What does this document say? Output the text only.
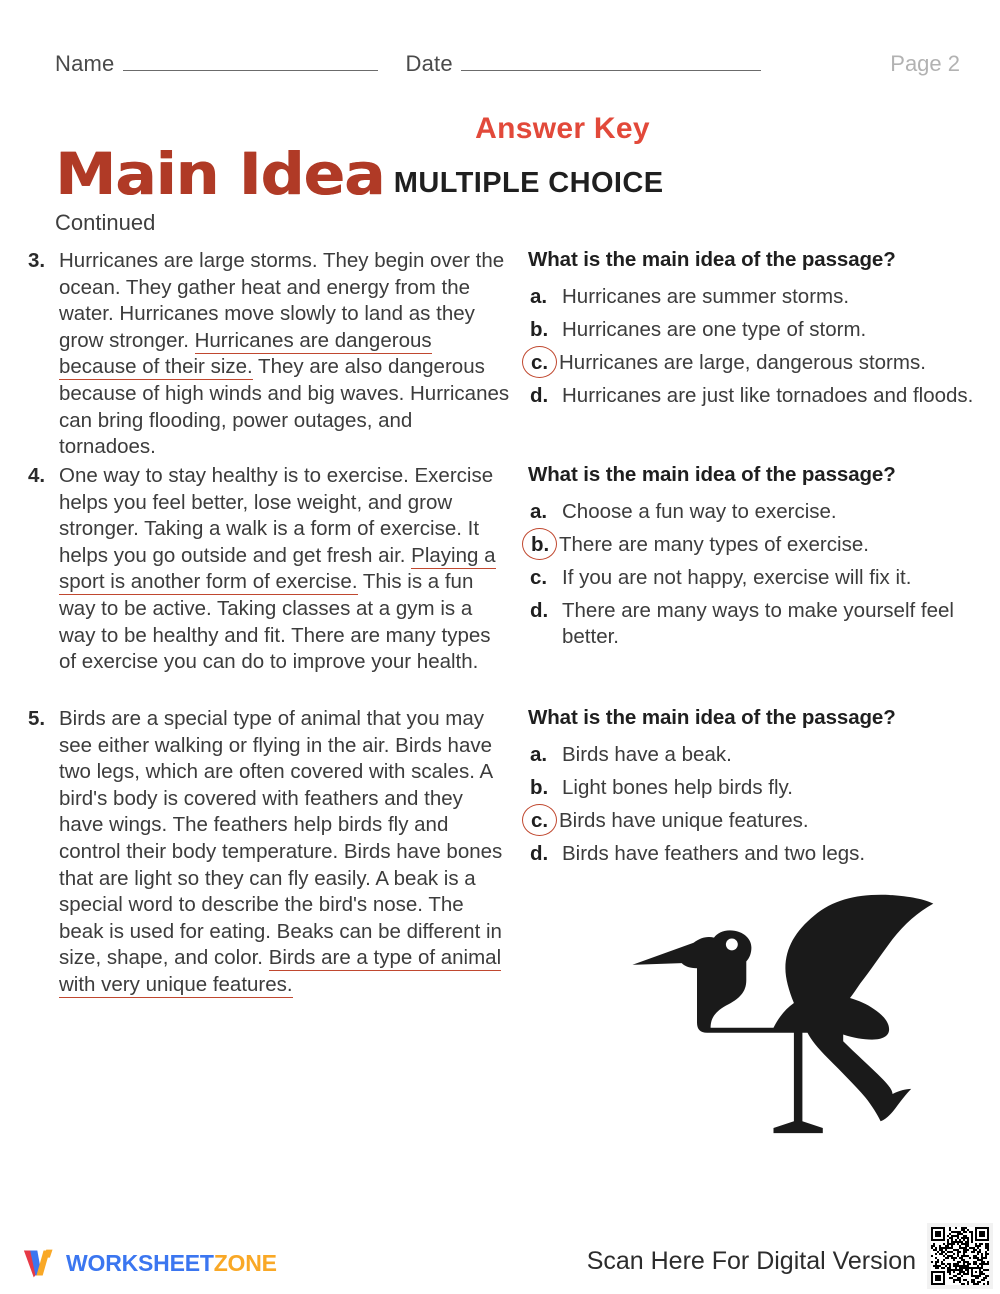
Name	Date	Page 2
Answer Key
Main Idea MULTIPLE CHOICE
Continued
3. Hurricanes are large storms. They begin over the ocean. They gather heat and energy from the water. Hurricanes move slowly to land as they grow stronger. Hurricanes are dangerous because of their size. They are also dangerous because of high winds and big waves. Hurricanes can bring flooding, power outages, and tornadoes.
What is the main idea of the passage?
a. Hurricanes are summer storms.
b. Hurricanes are one type of storm.
c. Hurricanes are large, dangerous storms.
d. Hurricanes are just like tornadoes and floods.
4. One way to stay healthy is to exercise. Exercise helps you feel better, lose weight, and grow stronger. Taking a walk is a form of exercise. It helps you go outside and get fresh air. Playing a sport is another form of exercise. This is a fun way to be active. Taking classes at a gym is a way to be healthy and fit. There are many types of exercise you can do to improve your health.
What is the main idea of the passage?
a. Choose a fun way to exercise.
b. There are many types of exercise.
c. If you are not happy, exercise will fix it.
d. There are many ways to make yourself feel better.
5. Birds are a special type of animal that you may see either walking or flying in the air. Birds have two legs, which are often covered with scales. A bird's body is covered with feathers and they have wings. The feathers help birds fly and control their body temperature. Birds have bones that are light so they can fly easily. A beak is a special word to describe the bird's nose. The beak is used for eating. Beaks can be different in size, shape, and color. Birds are a type of animal with very unique features.
What is the main idea of the passage?
a. Birds have a beak.
b. Light bones help birds fly.
c. Birds have unique features.
d. Birds have feathers and two legs.
WORKSHEETZONE	Scan Here For Digital Version
